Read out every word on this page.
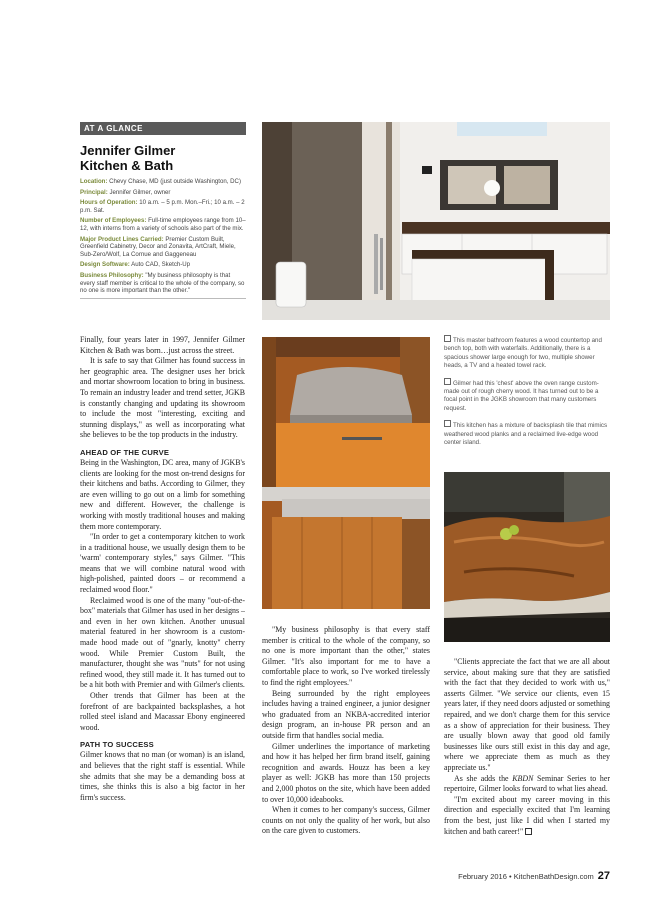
AT A GLANCE
Jennifer Gilmer
Kitchen & Bath
Location: Chevy Chase, MD (just outside Washington, DC)
Principal: Jennifer Gilmer, owner
Hours of Operation: 10 a.m. – 5 p.m. Mon.–Fri.; 10 a.m. – 2 p.m. Sat.
Number of Employees: Full-time employees range from 10–12, with interns from a variety of schools also part of the mix.
Major Product Lines Carried: Premier Custom Built, Greenfield Cabinetry, Decor and Zonavita, ArtCraft, Miele, Sub-Zero/Wolf, La Cornue and Gaggeneau
Design Software: Auto CAD, Sketch-Up
Business Philosophy: "My business philosophy is that every staff member is critical to the whole of the company, so no one is more important than the other."

Finally, four years later in 1997, Jennifer Gilmer Kitchen & Bath was born…just across the street.

It is safe to say that Gilmer has found success in her geographic area. The designer uses her brick and mortar showroom location to bring in business. To remain an industry leader and trend setter, JGKB is constantly changing and updating its showroom to include the most "interesting, exciting and stunning displays," as well as incorporating what she believes to be the top products in the industry.

AHEAD OF THE CURVE

Being in the Washington, DC area, many of JGKB's clients are looking for the most on-trend designs for their kitchens and baths. According to Gilmer, they are even willing to go out on a limb for something new and different. However, the challenge is working with mostly traditional houses and making them more contemporary.

"In order to get a contemporary kitchen to work in a traditional house, we usually design them to be 'warm' contemporary styles," says Gilmer. "This means that we will combine natural wood with high-polished, painted doors – or recommend a reclaimed wood floor."

Reclaimed wood is one of the many "out-of-the-box" materials that Gilmer has used in her designs – and even in her own kitchen. Another unusual material featured in her showroom is a custom-made hood made out of "gnarly, knotty" cherry wood. While Premier Custom Built, the manufacturer, thought she was "nuts" for not using refined wood, they still made it. It has turned out to be a hit both with Premier and with Gilmer's clients.

Other trends that Gilmer has been at the forefront of are backpainted backsplashes, a hot rolled steel island and Macassar Ebony engineered wood.

PATH TO SUCCESS

Gilmer knows that no man (or woman) is an island, and believes that the right staff is essential. While she admits that she may be a demanding boss at times, she thinks this is also a big factor in her firm's success.

"My business philosophy is that every staff member is critical to the whole of the company, so no one is more important than the other," states Gilmer. "It's also important for me to have a comfortable place to work, so I've worked tirelessly to find the right employees."

Being surrounded by the right employees includes having a trained engineer, a junior designer who graduated from an NKBA-accredited interior design program, an in-house PR person and an outside firm that handles social media.

Gilmer underlines the importance of marketing and how it has helped her firm brand itself, gaining recognition and awards. Houzz has been a key player as well: JGKB has more than 150 projects and 2,000 photos on the site, which have been added to over 10,000 ideabooks.

When it comes to her company's success, Gilmer counts on not only the quality of her work, but also on the care given to customers.

This master bathroom features a wood countertop and bench top, both with waterfalls. Additionally, there is a spacious shower large enough for two, multiple shower heads, a TV and a heated towel rack.
Gilmer had this 'chest' above the oven range custom-made out of rough cherry wood. It has turned out to be a focal point in the JGKB showroom that many customers request.
This kitchen has a mixture of backsplash tile that mimics weathered wood planks and a reclaimed live-edge wood center island.

"Clients appreciate the fact that we are all about service, about making sure that they are satisfied with the fact that they decided to work with us," asserts Gilmer. "We service our clients, even 15 years later, if they need doors adjusted or something repaired, and we don't charge them for this service as a show of appreciation for their business. They are usually blown away that good old family businesses like ours still exist in this day and age, where we appreciate them as much as they appreciate us."

As she adds the KBDN Seminar Series to her repertoire, Gilmer looks forward to what lies ahead.

"I'm excited about my career moving in this direction and especially excited that I'm learning from the best, just like I did when I started my kitchen and bath career!"

February 2016 • KitchenBathDesign.com 27
